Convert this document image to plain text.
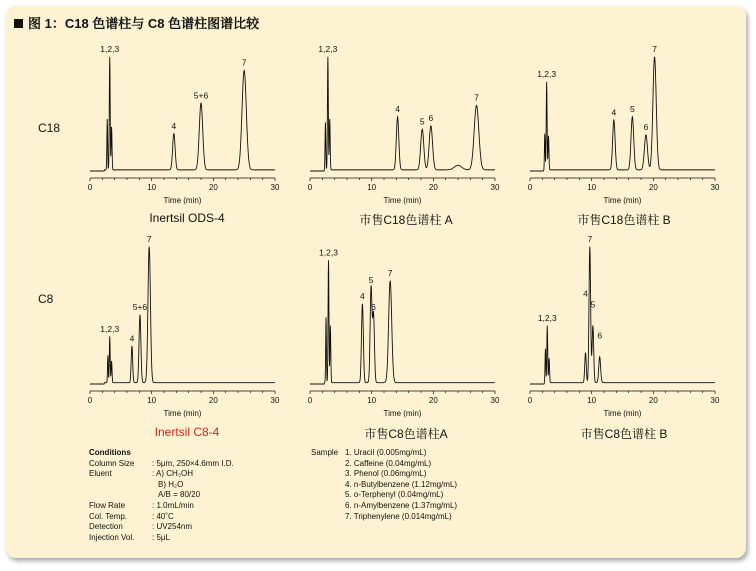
图 1：C18 色谱柱与 C8 色谱柱图谱比较
C18
C8
Inertsil ODS-4	市售C18色谱柱 A	市售C18色谱柱 B
Inertsil C8-4	市售C8色谱柱A	市售C8色谱柱 B
1,2,3
4
5+6
7
0	10	20	30
Time (min)
1,2,3
4
5 6
7
0	10	20	30
Time (min)
1,2,3
4 5
6
7
0	10	20	30
Time (min)
1,2,3
4
5+6
7
0	10	20	30
Time (min)
1,2,3
4
5
6
7
0	10	20	30
Time (min)
1,2,3
4
7
5
6
0	10	20	30
Time (min)
Conditions
Column Size : 5μm, 250×4.6mm I.D.
Eluent	: A) CH₃OH
B) H₂O
A/B = 80/20
Flow Rate	: 1.0mL/min
Col. Temp.	: 40˚C
Detection	: UV254nm
Injection Vol. : 5μL
Sample 1. Uracil (0.005mg/mL)
2. Caffeine (0.04mg/mL)
3. Phenol (0.06mg/mL)
4. n-Butylbenzene (1.12mg/mL)
5. o-Terphenyl (0.04mg/mL)
6. n-Amylbenzene (1.37mg/mL)
7. Triphenylene (0.014mg/mL)
